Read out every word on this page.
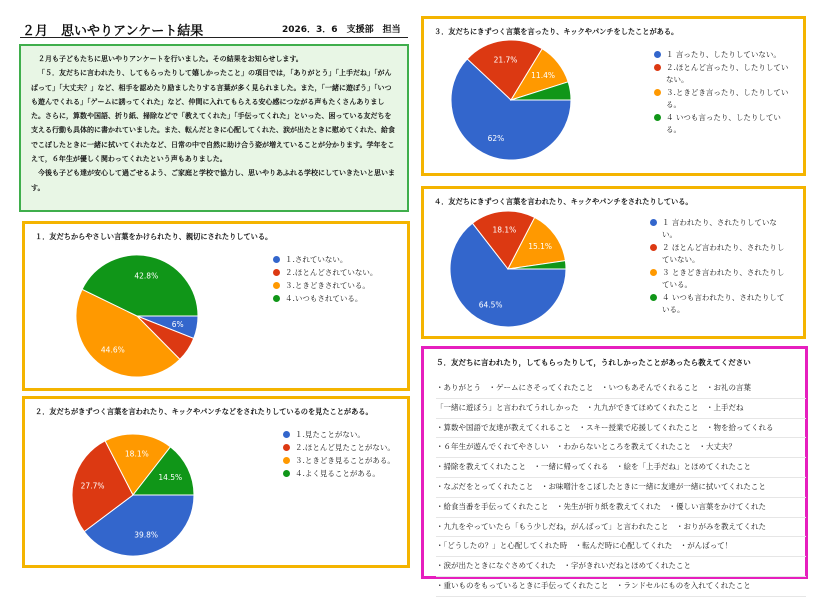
２月　思いやりアンケート結果	2026．3．6　支援部　担当

２月も子どもたちに思いやりアンケートを行いました。その結果をお知らせします。

「５．友だちに言われたり、してもらったりして嬉しかったこと」の項目では，「ありがとう」「上手だね」「がんばって」「大丈夫？」など、相手を認めたり励ましたりする言葉が多く見られました。また，「一緒に遊ぼう」「いつも遊んでくれる」「ゲームに誘ってくれた」など、仲間に入れてもらえる安心感につながる声もたくさんありました。さらに，算数や国語、折り紙、掃除などで「教えてくれた」「手伝ってくれた」といった、困っている友だちを支える行動も具体的に書かれていました。また、転んだときに心配してくれた、涙が出たときに慰めてくれた、給食でこぼしたときに一緒に拭いてくれたなど、日常の中で自然に助け合う姿が増えていることが分かります。学年をこえて，６年生が優しく関わってくれたという声もありました。

今後も子ども達が安心して過ごせるよう、ご家庭と学校で協力し、思いやりあふれる学校にしていきたいと思います。

１．友だちからやさしい言葉をかけられたり、親切にされたりしている。
6%
44.6%
42.8%
１.されていない。
２.ほとんどされていない。
３.ときどきされている。
４.いつもされている。
２．友だちがきずつく言葉を言われたり、キックやパンチなどをされたりしているのを見たことがある。
39.8%
27.7%
18.1%
14.5%
１.見たことがない。
２.ほとんど見たことがない。
３.ときどき見ることがある。
４.よく見ることがある。
３．友だちにきずつく言葉を言ったり、キックやパンチをしたことがある。
62%
21.7%
11.4%
１ 言ったり、したりしていない。
２.ほとんど言ったり、したりしていない。
３.ときどき言ったり、したりしている。
４ いつも言ったり、したりしている。
４．友だちにきずつく言葉を言われたり、キックやパンチをされたりしている。
64.5%
18.1%
15.1%
１ 言われたり、されたりしていない。
２ ほとんど言われたり、されたりしていない。
３ ときどき言われたり、されたりしている。
４ いつも言われたり、されたりしている。
５．友だちに言われたり，してもらったりして，うれしかったことがあったら教えてください
・ありがとう　・ゲームにさそってくれたこと　・いつもあそんでくれること　・お礼の言葉
「一緒に遊ぼう」と言われてうれしかった　・九九ができてほめてくれたこと　・上手だね
・算数や国語で友達が教えてくれること　・スキー授業で応援してくれたこと　・物を拾ってくれる
・６年生が遊んでくれてやさしい　・わからないところを教えてくれたこと　・大丈夫？
・掃除を教えてくれたこと　・一緒に帰ってくれる　・絵を「上手だね」とほめてくれたこと
・なぶだをとってくれたこと　・お味噌汁をこぼしたときに一緒に友達が一緒に拭いてくれたこと
・給食当番を手伝ってくれたこと　・先生が折り紙を教えてくれた　・優しい言葉をかけてくれた
・九九をやっていたら「もう少しだね，がんばって」と言われたこと　・おりがみを教えてくれた
・「どうしたの？」と心配してくれた時　・転んだ時に心配してくれた　・がんばって！
・涙が出たときになぐさめてくれた　・字がきれいだねとほめてくれたこと
・重いものをもっているときに手伝ってくれたこと　・ランドセルにものを入れてくれたこと
